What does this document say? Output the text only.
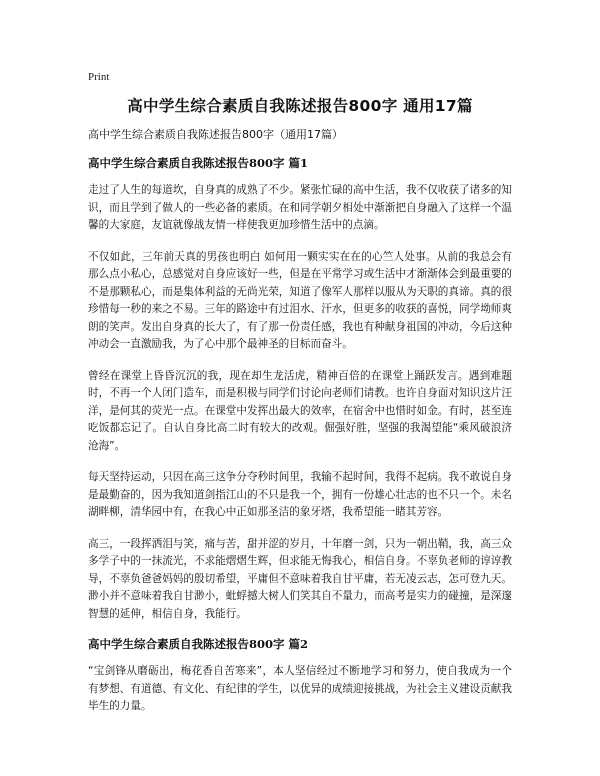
Print
高中学生综合素质自我陈述报告800字 通用17篇
高中学生综合素质自我陈述报告800字（通用17篇）
高中学生综合素质自我陈述报告800字 篇1

走过了人生的每道坎，自身真的成熟了不少。紧张忙碌的高中生活，我不仅收获了诸多的知识，而且学到了做人的一些必备的素质。在和同学朝夕相处中渐渐把自身融入了这样一个温馨的大家庭，友谊就像战友情一样使我更加珍惜生活中的点滴。

不仅如此，三年前天真的男孩也明白 如何用一颗实实在在的心竺人处事。从前的我总会有那么点小私心，总感觉对自身应该好一些，但是在平常学习或生活中才渐渐体会到最重要的不是那颗私心，而是集体利益的无尚光荣，知道了像军人那样以服从为天职的真谛。真的很珍惜每一秒的来之不易。三年的路途中有过泪水、汗水，但更多的收获的喜悦，同学坳师爽朗的笑声。发出自身真的长大了，有了那一份责任感，我也有种献身祖国的冲动，今后这种冲动会一直激励我，为了心中那个最神圣的目标而奋斗。

曾经在课堂上昏昏沉沉的我，现在却生龙活虎，精神百倍的在课堂上踊跃发言。遇到难题时，不再一个人闭门造车，而是积极与同学们讨论向老师们请教。也许自身面对知识这片汪洋，是何其的荧光一点。在课堂中发挥出最大的效率，在宿舍中也惜时如金。有时，甚至连吃饭都忘记了。自认自身比高二时有较大的改观。倔强好胜，坚强的我渴望能“乘风破浪济沧海”。

每天坚持运动，只因在高三这争分夺秒时间里，我输不起时间，我得不起病。我不敢说自身是最勤奋的，因为我知道剑指江山的不只是我一个，拥有一份雄心壮志的也不只一个。未名湖畔柳，清华园中有，在我心中正如那圣洁的象牙塔，我希望能一睹其芳容。

高三，一段挥洒泪与笑，痛与苦，甜并涩的岁月，十年磨一剑，只为一朝出鞘，我，高三众多学子中的一抹流光，不求能熠熠生辉，但求能无悔我心，相信自身。不辜负老师的谆谆教导，不辜负爸爸妈妈的殷切希望，平庸但不意味着我自甘平庸，若无凌云志，怎可登九天。渺小并不意味着我自甘渺小，蚍蜉撼大树人们笑其自不量力，而高考是实力的碰撞，是深邃智慧的延伸，相信自身，我能行。

高中学生综合素质自我陈述报告800字 篇2

“宝剑锋从磨砺出，梅花香自苦寒来”，本人坚信经过不断地学习和努力，使自我成为一个有梦想、有道德、有文化、有纪律的学生，以优异的成绩迎接挑战，为社会主义建设贡献我毕生的力量。
